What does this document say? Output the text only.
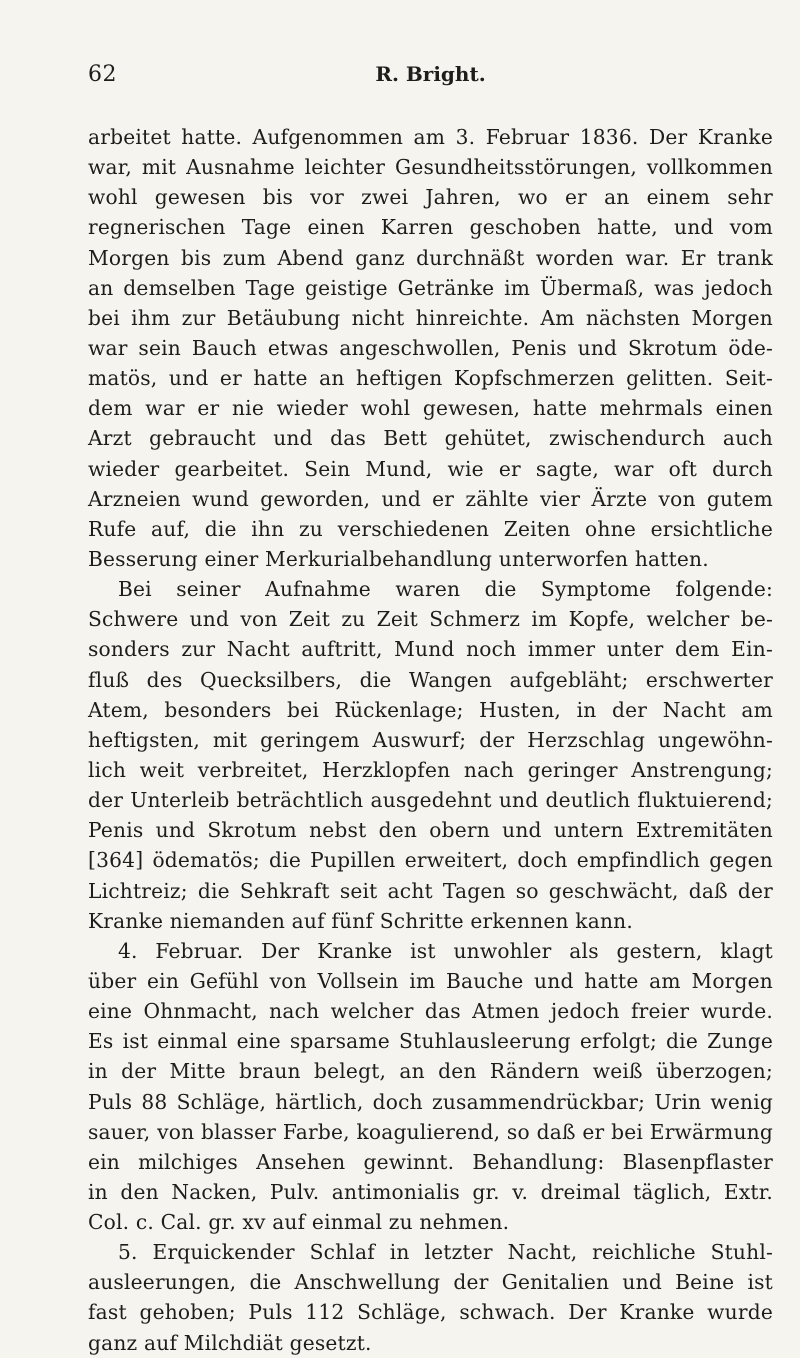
62	R. Bright.
arbeitet hatte. Aufgenommen am 3. Februar 1836. Der Kranke
war, mit Ausnahme leichter Gesundheitsstörungen, vollkommen
wohl gewesen bis vor zwei Jahren, wo er an einem sehr
regnerischen Tage einen Karren geschoben hatte, und vom
Morgen bis zum Abend ganz durchnäßt worden war. Er trank
an demselben Tage geistige Getränke im Übermaß, was jedoch
bei ihm zur Betäubung nicht hinreichte. Am nächsten Morgen
war sein Bauch etwas angeschwollen, Penis und Skrotum öde-
matös, und er hatte an heftigen Kopfschmerzen gelitten. Seit-
dem war er nie wieder wohl gewesen, hatte mehrmals einen
Arzt gebraucht und das Bett gehütet, zwischendurch auch
wieder gearbeitet. Sein Mund, wie er sagte, war oft durch
Arzneien wund geworden, und er zählte vier Ärzte von gutem
Rufe auf, die ihn zu verschiedenen Zeiten ohne ersichtliche
Besserung einer Merkurialbehandlung unterworfen hatten.
Bei seiner Aufnahme waren die Symptome folgende:
Schwere und von Zeit zu Zeit Schmerz im Kopfe, welcher be-
sonders zur Nacht auftritt, Mund noch immer unter dem Ein-
fluß des Quecksilbers, die Wangen aufgebläht; erschwerter
Atem, besonders bei Rückenlage; Husten, in der Nacht am
heftigsten, mit geringem Auswurf; der Herzschlag ungewöhn-
lich weit verbreitet, Herzklopfen nach geringer Anstrengung;
der Unterleib beträchtlich ausgedehnt und deutlich fluktuierend;
Penis und Skrotum nebst den obern und untern Extremitäten
[364] ödematös; die Pupillen erweitert, doch empfindlich gegen
Lichtreiz; die Sehkraft seit acht Tagen so geschwächt, daß der
Kranke niemanden auf fünf Schritte erkennen kann.
4. Februar. Der Kranke ist unwohler als gestern, klagt
über ein Gefühl von Vollsein im Bauche und hatte am Morgen
eine Ohnmacht, nach welcher das Atmen jedoch freier wurde.
Es ist einmal eine sparsame Stuhlausleerung erfolgt; die Zunge
in der Mitte braun belegt, an den Rändern weiß überzogen;
Puls 88 Schläge, härtlich, doch zusammendrückbar; Urin wenig
sauer, von blasser Farbe, koagulierend, so daß er bei Erwärmung
ein milchiges Ansehen gewinnt. Behandlung: Blasenpflaster
in den Nacken, Pulv. antimonialis gr. v. dreimal täglich, Extr.
Col. c. Cal. gr. xv auf einmal zu nehmen.
5. Erquickender Schlaf in letzter Nacht, reichliche Stuhl-
ausleerungen, die Anschwellung der Genitalien und Beine ist
fast gehoben; Puls 112 Schläge, schwach. Der Kranke wurde
ganz auf Milchdiät gesetzt.
